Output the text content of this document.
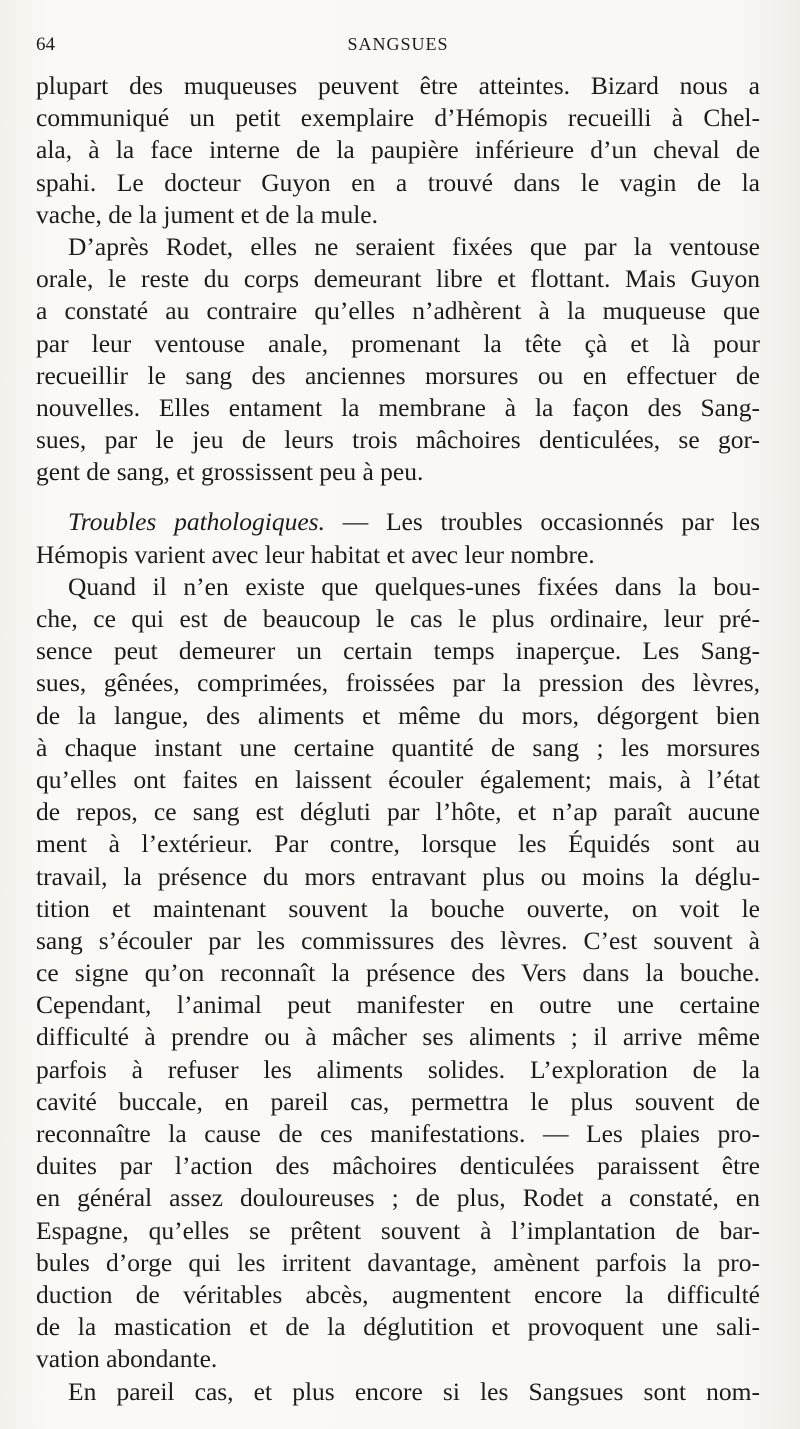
64	SANGSUES
plupart des muqueuses peuvent être atteintes. Bizard nous a
communiqué un petit exemplaire d’Hémopis recueilli à Chel-
ala, à la face interne de la paupière inférieure d’un cheval de
spahi. Le docteur Guyon en a trouvé dans le vagin de la
vache, de la jument et de la mule.
D’après Rodet, elles ne seraient fixées que par la ventouse
orale, le reste du corps demeurant libre et flottant. Mais Guyon
a constaté au contraire qu’elles n’adhèrent à la muqueuse que
par leur ventouse anale, promenant la tête çà et là pour
recueillir le sang des anciennes morsures ou en effectuer de
nouvelles. Elles entament la membrane à la façon des Sang-
sues, par le jeu de leurs trois mâchoires denticulées, se gor-
gent de sang, et grossissent peu à peu.
Troubles pathologiques. — Les troubles occasionnés par les
Hémopis varient avec leur habitat et avec leur nombre.
Quand il n’en existe que quelques-unes fixées dans la bou-
che, ce qui est de beaucoup le cas le plus ordinaire, leur pré-
sence peut demeurer un certain temps inaperçue. Les Sang-
sues, gênées, comprimées, froissées par la pression des lèvres,
de la langue, des aliments et même du mors, dégorgent bien
à chaque instant une certaine quantité de sang ; les morsures
qu’elles ont faites en laissent écouler également; mais, à l’état
de repos, ce sang est dégluti par l’hôte, et n’ap paraît aucune
ment à l’extérieur. Par contre, lorsque les Équidés sont au
travail, la présence du mors entravant plus ou moins la déglu-
tition et maintenant souvent la bouche ouverte, on voit le
sang s’écouler par les commissures des lèvres. C’est souvent à
ce signe qu’on reconnaît la présence des Vers dans la bouche.
Cependant, l’animal peut manifester en outre une certaine
difficulté à prendre ou à mâcher ses aliments ; il arrive même
parfois à refuser les aliments solides. L’exploration de la
cavité buccale, en pareil cas, permettra le plus souvent de
reconnaître la cause de ces manifestations. — Les plaies pro-
duites par l’action des mâchoires denticulées paraissent être
en général assez douloureuses ; de plus, Rodet a constaté, en
Espagne, qu’elles se prêtent souvent à l’implantation de bar-
bules d’orge qui les irritent davantage, amènent parfois la pro-
duction de véritables abcès, augmentent encore la difficulté
de la mastication et de la déglutition et provoquent une sali-
vation abondante.
En pareil cas, et plus encore si les Sangsues sont nom-
